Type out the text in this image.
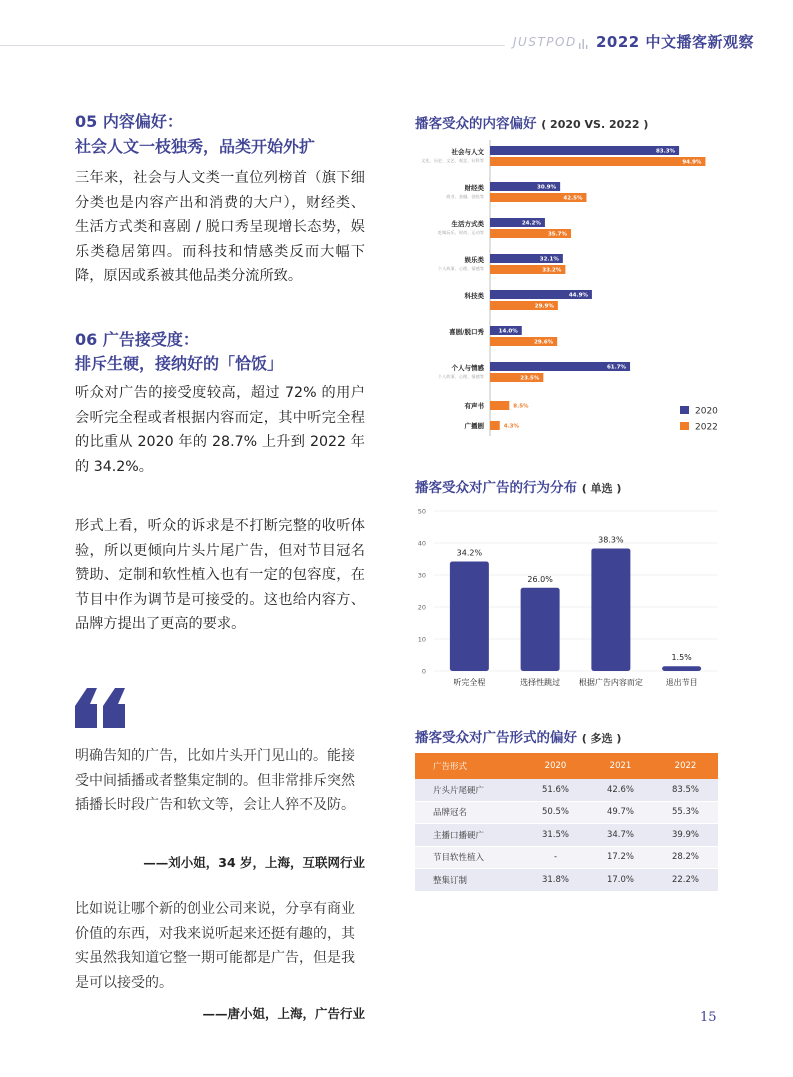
JUSTPOD 2022 中文播客新观察
05 内容偏好：
社会人文一枝独秀，品类开始外扩
三年来，社会与人文类一直位列榜首（旗下细分类也是内容产出和消费的大户），财经类、生活方式类和喜剧 / 脱口秀呈现增长态势，娱乐类稳居第四。而科技和情感类反而大幅下降，原因或系被其他品类分流所致。
06 广告接受度：
排斥生硬，接纳好的「恰饭」
听众对广告的接受度较高，超过 72% 的用户会听完全程或者根据内容而定，其中听完全程的比重从 2020 年的 28.7% 上升到 2022 年的 34.2%。
形式上看，听众的诉求是不打断完整的收听体验，所以更倾向片头片尾广告，但对节目冠名赞助、定制和软性植入也有一定的包容度，在节目中作为调节是可接受的。这也给内容方、品牌方提出了更高的要求。
明确告知的广告，比如片头开门见山的。能接受中间插播或者整集定制的。但非常排斥突然插播长时段广告和软文等，会让人猝不及防。
——刘小姐，34 岁，上海，互联网行业
比如说让哪个新的创业公司来说，分享有商业价值的东西，对我来说听起来还挺有趣的，其实虽然我知道它整一期可能都是广告，但是我是可以接受的。
——唐小姐，上海，广告行业
播客受众的内容偏好 ( 2020 VS. 2022 )
社会与人文
文化、历史、文艺、观念、社科等
83.3%
94.9%
财经类
商业、金融、创投等
30.9%
42.5%
生活方式类
吃喝玩乐、时尚、运动等
24.2%
35.7%
娱乐类
个人故事、心理、情感等
32.1%
33.2%
科技类	44.9%
29.9%
喜剧/脱口秀	14.0%
29.6%
个人与情感
个人故事、心理、情感等
61.7%
23.5%
有声书	8.5%
广播剧	4.3%
2020
2022
播客受众对广告的行为分布 ( 单选 )
0
10
20
30
40
50
34.2%
听完全程
26.0%
选择性跳过
38.3%
根据广告内容而定
1.5%
退出节目
播客受众对广告形式的偏好 ( 多选 )
广告形式	2020	2021	2022
片头片尾硬广	51.6%	42.6%	83.5%
品牌冠名	50.5%	49.7%	55.3%
主播口播硬广	31.5%	34.7%	39.9%
节目软性植入	-	17.2%	28.2%
整集订制	31.8%	17.0%	22.2%
15
